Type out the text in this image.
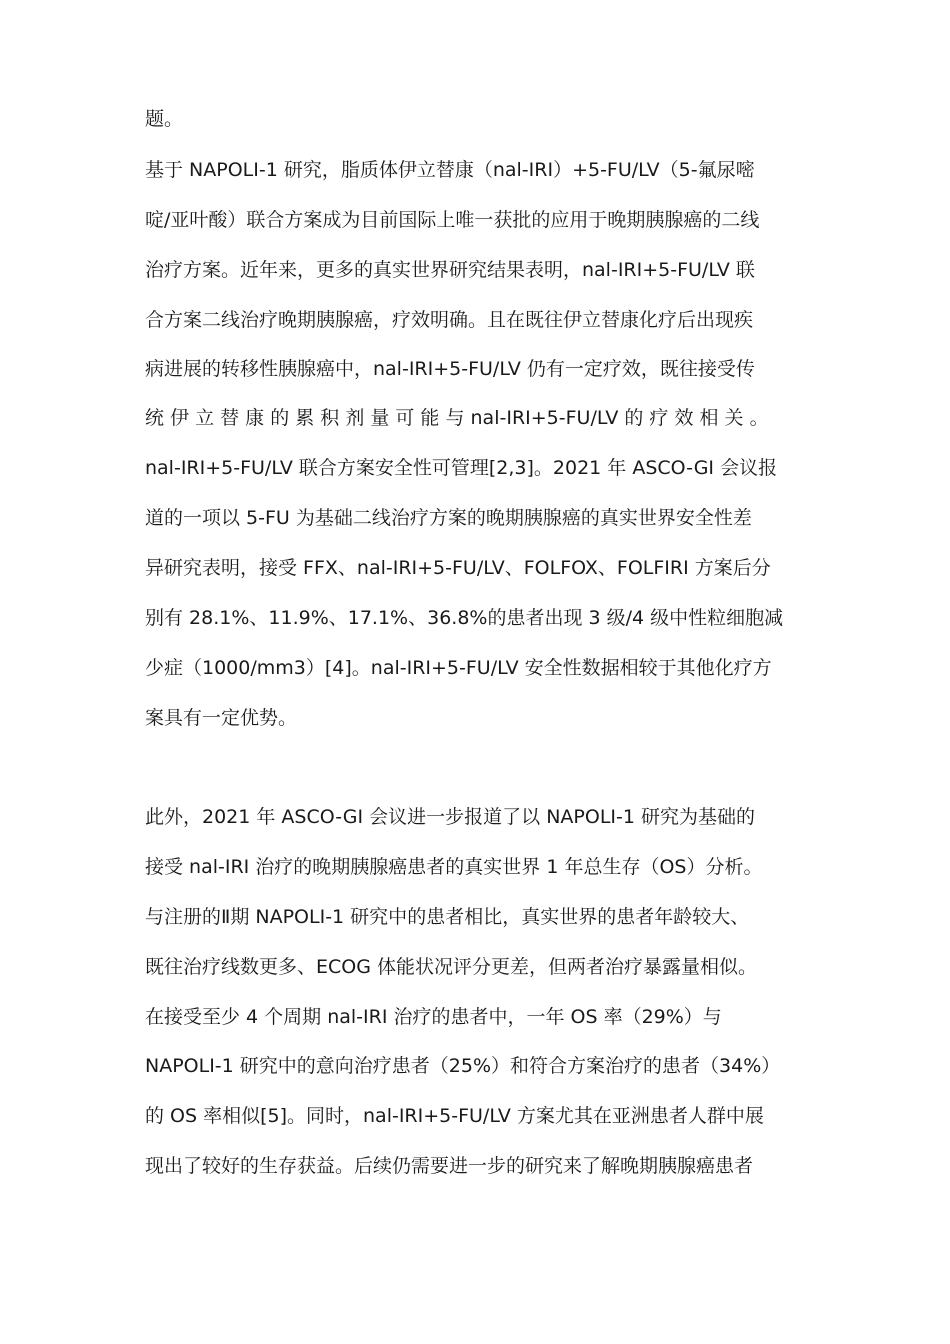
题。
基于 NAPOLI-1 研究，脂质体伊立替康（nal-IRI）+5-FU/LV（5-氟尿嘧
啶/亚叶酸）联合方案成为目前国际上唯一获批的应用于晚期胰腺癌的二线
治疗方案。近年来，更多的真实世界研究结果表明，nal-IRI+5-FU/LV 联
合方案二线治疗晚期胰腺癌，疗效明确。且在既往伊立替康化疗后出现疾
病进展的转移性胰腺癌中，nal-IRI+5-FU/LV 仍有一定疗效，既往接受传
统 伊 立 替 康 的 累 积 剂 量 可 能 与 nal-IRI+5-FU/LV 的 疗 效 相 关 。
nal-IRI+5-FU/LV 联合方案安全性可管理[2,3]。2021 年 ASCO-GI 会议报
道的一项以 5-FU 为基础二线治疗方案的晚期胰腺癌的真实世界安全性差
异研究表明，接受 FFX、nal-IRI+5-FU/LV、FOLFOX、FOLFIRI 方案后分
别有 28.1%、11.9%、17.1%、36.8%的患者出现 3 级/4 级中性粒细胞减
少症（1000/mm3）[4]。nal-IRI+5-FU/LV 安全性数据相较于其他化疗方
案具有一定优势。
此外，2021 年 ASCO-GI 会议进一步报道了以 NAPOLI-1 研究为基础的
接受 nal-IRI 治疗的晚期胰腺癌患者的真实世界 1 年总生存（OS）分析。
与注册的Ⅱ期 NAPOLI-1 研究中的患者相比，真实世界的患者年龄较大、
既往治疗线数更多、ECOG 体能状况评分更差，但两者治疗暴露量相似。
在接受至少 4 个周期 nal-IRI 治疗的患者中，一年 OS 率（29%）与
NAPOLI-1 研究中的意向治疗患者（25%）和符合方案治疗的患者（34%）
的 OS 率相似[5]。同时，nal-IRI+5-FU/LV 方案尤其在亚洲患者人群中展
现出了较好的生存获益。后续仍需要进一步的研究来了解晚期胰腺癌患者
